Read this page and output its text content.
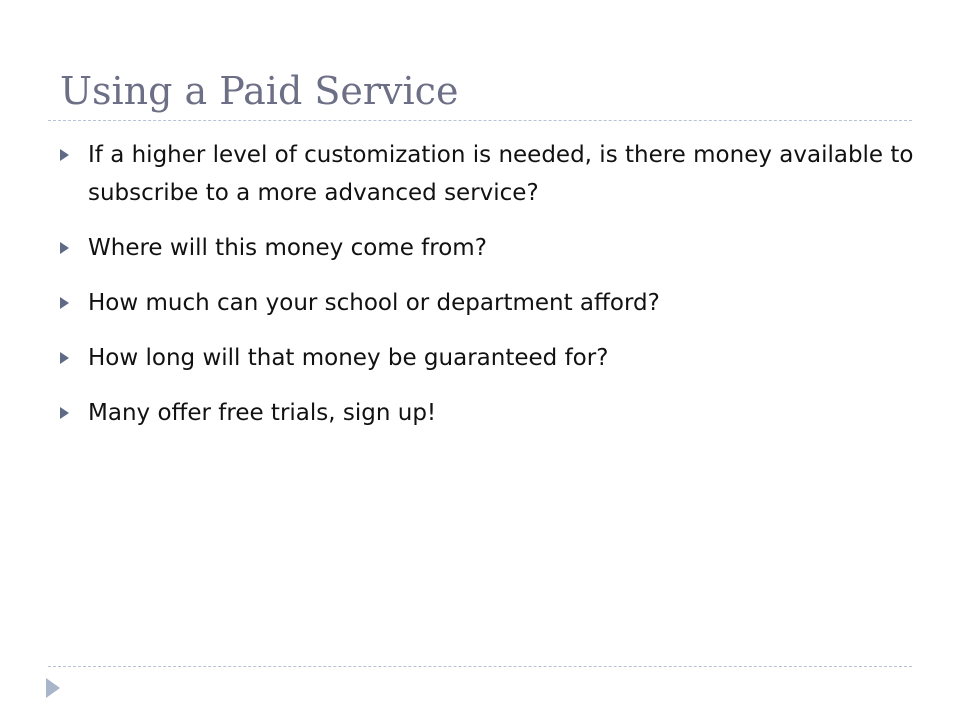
Using a Paid Service
If a higher level of customization is needed, is there money available to subscribe to a more advanced service?
Where will this money come from?
How much can your school or department afford?
How long will that money be guaranteed for?
Many offer free trials, sign up!
